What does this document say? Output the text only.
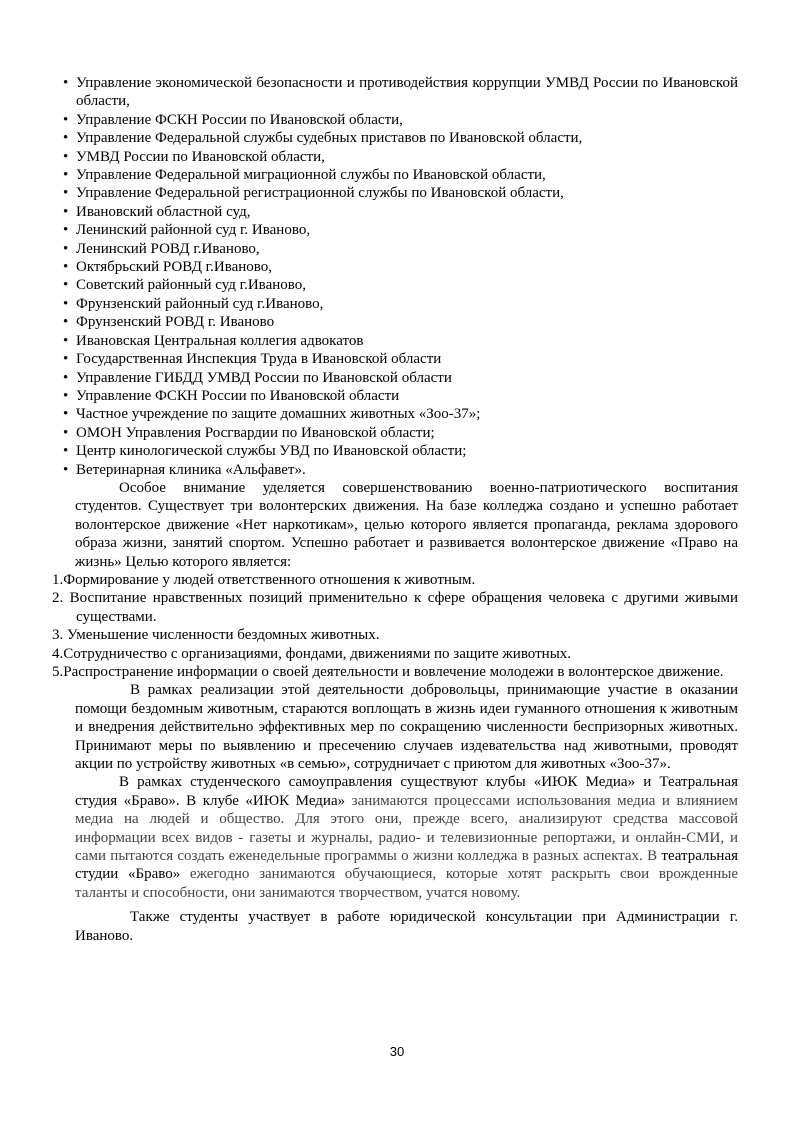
• Управление экономической безопасности и противодействия коррупции УМВД России по Ивановской области,
• Управление ФСКН России по Ивановской области,
• Управление Федеральной службы судебных приставов по Ивановской области,
• УМВД России по Ивановской области,
• Управление Федеральной миграционной службы по Ивановской области,
• Управление Федеральной регистрационной службы по Ивановской области,
• Ивановский областной суд,
• Ленинский районной суд г. Иваново,
• Ленинский РОВД г.Иваново,
• Октябрьский РОВД г.Иваново,
• Советский районный суд г.Иваново,
• Фрунзенский районный суд г.Иваново,
• Фрунзенский РОВД г. Иваново
• Ивановская Центральная коллегия адвокатов
• Государственная Инспекция Труда в Ивановской области
• Управление ГИБДД УМВД России по Ивановской области
• Управление ФСКН России по Ивановской области
• Частное учреждение по защите домашних животных «Зоо-37»;
• ОМОН Управления Росгвардии по Ивановской области;
• Центр кинологической службы УВД по Ивановской области;
• Ветеринарная клиника «Альфавет».

Особое внимание уделяется совершенствованию военно-патриотического воспитания студентов. Существует три волонтерских движения. На базе колледжа создано и успешно работает волонтерское движение «Нет наркотикам», целью которого является пропаганда, реклама здорового образа жизни, занятий спортом. Успешно работает и развивается волонтерское движение «Право на жизнь» Целью которого является:

1.Формирование у людей ответственного отношения к животным.
2. Воспитание нравственных позиций применительно к сфере обращения человека с другими живыми существами.
3. Уменьшение численности бездомных животных.
4.Сотрудничество с организациями, фондами, движениями по защите животных.
5.Распространение информации о своей деятельности и вовлечение молодежи в волонтерское движение.

В рамках реализации этой деятельности добровольцы, принимающие участие в оказании помощи бездомным животным, стараются воплощать в жизнь идеи гуманного отношения к животным и внедрения действительно эффективных мер по сокращению численности беспризорных животных. Принимают меры по выявлению и пресечению случаев издевательства над животными, проводят акции по устройству животных «в семью», сотрудничает с приютом для животных «Зоо-37».

В рамках студенческого самоуправления существуют клубы «ИЮК Медиа» и Театральная студия «Браво». В клубе «ИЮК Медиа» занимаются процессами использования медиа и влиянием медиа на людей и общество. Для этого они, прежде всего, анализируют средства массовой информации всех видов - газеты и журналы, радио- и телевизионные репортажи, и онлайн-СМИ, и сами пытаются создать еженедельные программы о жизни колледжа в разных аспектах. В театральная студии «Браво» ежегодно занимаются обучающиеся, которые хотят раскрыть свои врожденные таланты и способности, они занимаются творчеством, учатся новому.

Также студенты участвует в работе юридической консультации при Администрации г. Иваново.

30
